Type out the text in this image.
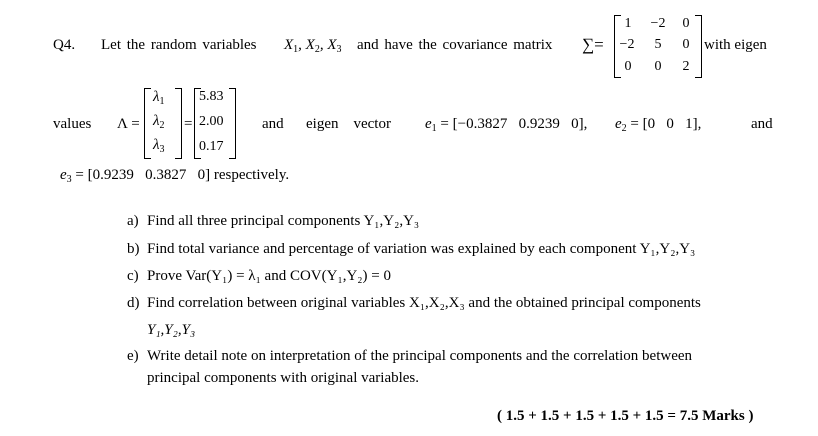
Q4. Let the random variables $X_1$, $X_2$, $X_3$ and have the covariance matrix ∑=
1	−2	0
−2	5	0
0	0	2
with eigen
values Λ =
$\lambda_1$
$\lambda_2$
$\lambda_3$
=
5.83
2.00
0.17
and eigen    vector $e_1 = [-0.3827$   0.9239   0], $e_2 = [0$   0   1],	and
$e_3 = [0.9239$   0.3827   0] respectively.
a) Find all three principal components Y₁,Y₂,Y₃
b) Find total variance and percentage of variation was explained by each component Y₁,Y₂,Y₃
c) Prove Var(Y₁) = λ₁ and COV(Y₁,Y₂) = 0
d) Find correlation between original variables X₁,X₂,X₃ and the obtained principal components
Y₁,Y₂,Y₃
e) Write detail note on interpretation of the principal components and the correlation between
principal components with original variables.
( 1.5 + 1.5 + 1.5 + 1.5 + 1.5 = 7.5 Marks )
